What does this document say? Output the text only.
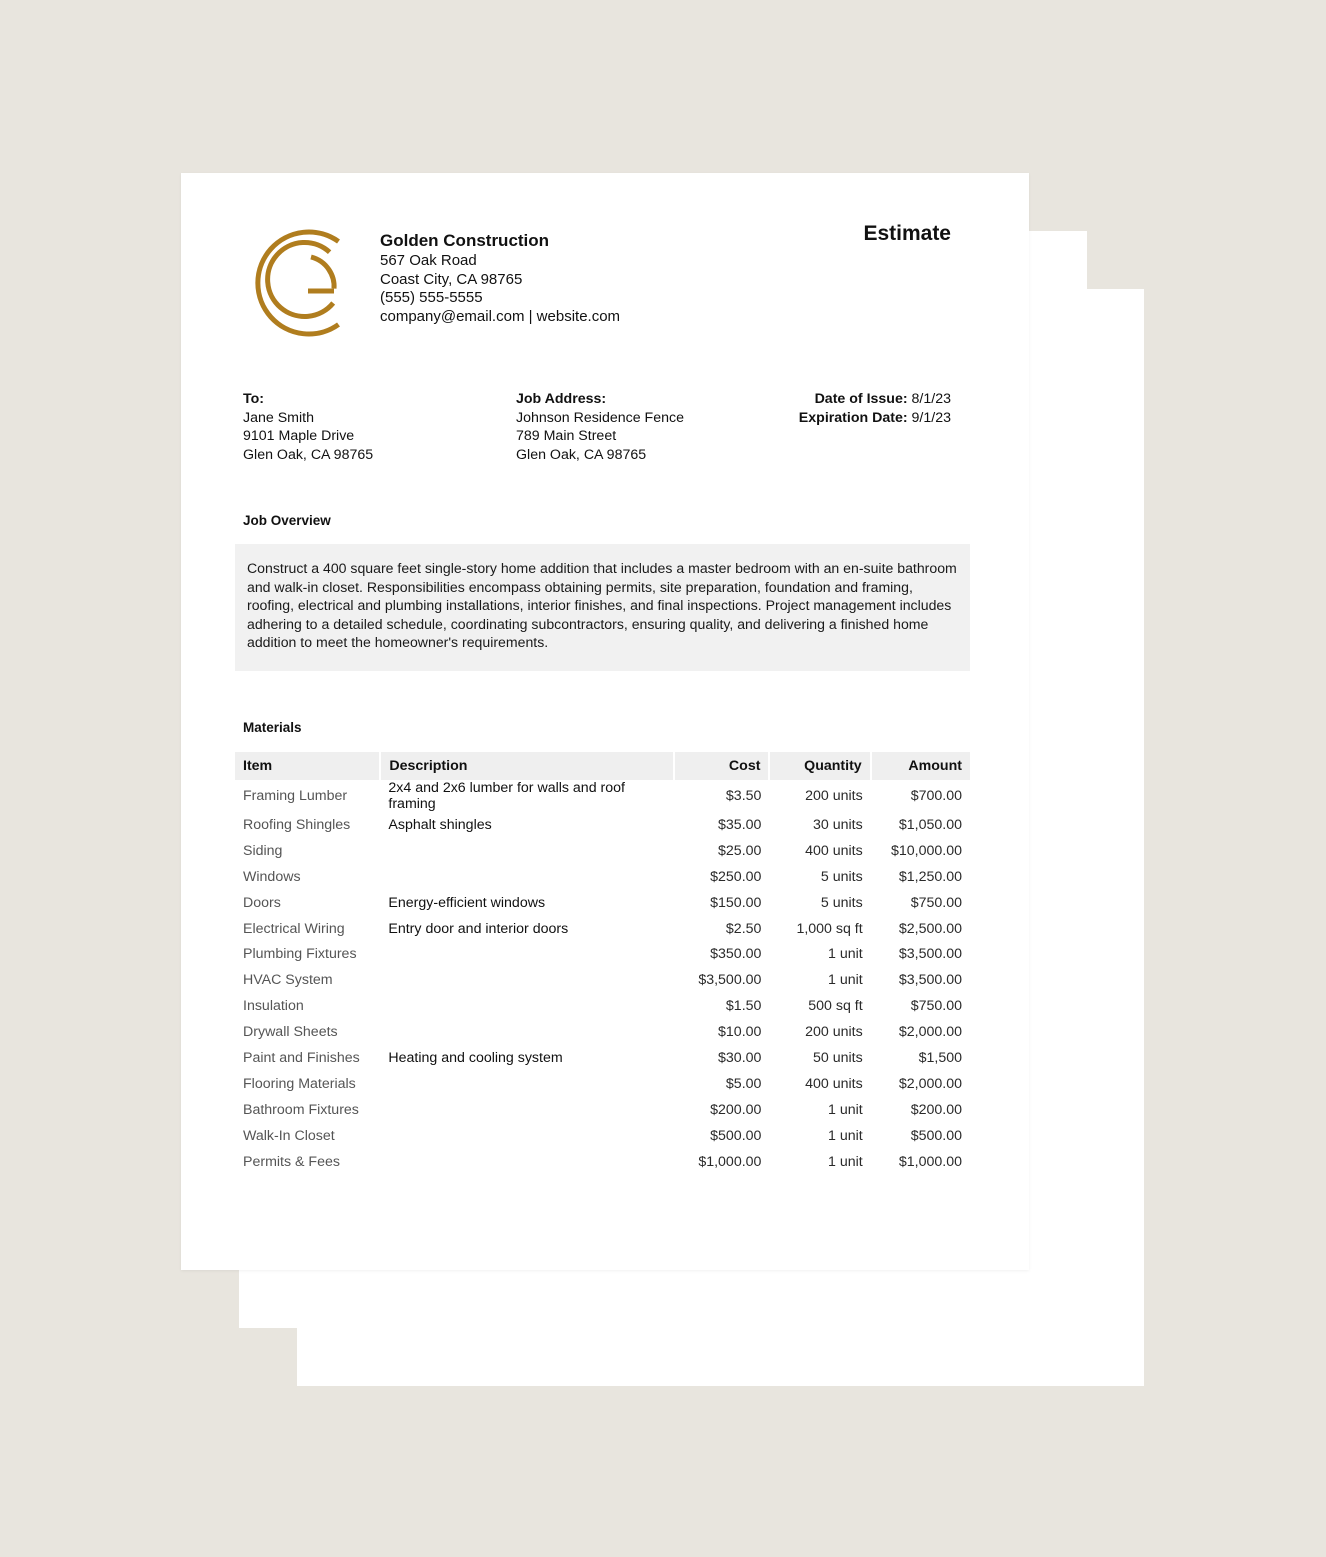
Golden Construction
567 Oak Road
Coast City, CA 98765
(555) 555-5555
company@email.com | website.com
Estimate
To:
Jane Smith
9101 Maple Drive
Glen Oak, CA 98765
Job Address:
Johnson Residence Fence
789 Main Street
Glen Oak, CA 98765
Date of Issue: 8/1/23
Expiration Date: 9/1/23
Job Overview
Construct a 400 square feet single-story home addition that includes a master bedroom with an en-suite bathroom and walk-in closet. Responsibilities encompass obtaining permits, site preparation, foundation and framing, roofing, electrical and plumbing installations, interior finishes, and final inspections. Project management includes adhering to a detailed schedule, coordinating subcontractors, ensuring quality, and delivering a finished home addition to meet the homeowner's requirements.
Materials
Item	Description	Cost	Quantity	Amount
Framing Lumber	2x4 and 2x6 lumber for walls and roof framing	$3.50	200 units	$700.00
Roofing Shingles	Asphalt shingles	$35.00	30 units	$1,050.00
Siding		$25.00	400 units	$10,000.00
Windows		$250.00	5 units	$1,250.00
Doors	Energy-efficient windows	$150.00	5 units	$750.00
Electrical Wiring	Entry door and interior doors	$2.50	1,000 sq ft	$2,500.00
Plumbing Fixtures		$350.00	1 unit	$3,500.00
HVAC System		$3,500.00	1 unit	$3,500.00
Insulation		$1.50	500 sq ft	$750.00
Drywall Sheets		$10.00	200 units	$2,000.00
Paint and Finishes	Heating and cooling system	$30.00	50 units	$1,500
Flooring Materials		$5.00	400 units	$2,000.00
Bathroom Fixtures		$200.00	1 unit	$200.00
Walk-In Closet		$500.00	1 unit	$500.00
Permits & Fees		$1,000.00	1 unit	$1,000.00
